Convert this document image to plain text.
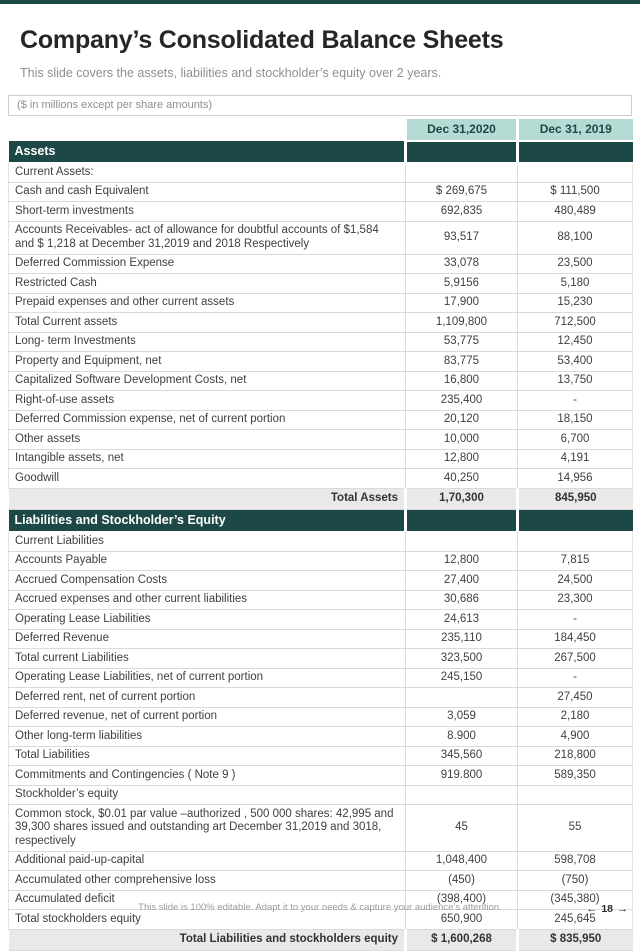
Company’s Consolidated Balance Sheets

This slide covers the assets, liabilities and stockholder’s equity over 2 years.

($ in millions except per share amounts)
	Dec 31,2020	Dec 31, 2019
Assets		
Current Assets:		
Cash and cash Equivalent	$ 269,675	$ 111,500
Short-term investments	692,835	480,489
Accounts Receivables- act of allowance for doubtful accounts of $1,584 and $ 1,218 at December 31,2019 and 2018 Respectively	93,517	88,100
Deferred Commission Expense	33,078	23,500
Restricted Cash	5,9156	5,180
Prepaid expenses and other current assets	17,900	15,230
Total Current assets	1,109,800	712,500
Long- term Investments	53,775	12,450
Property and Equipment, net	83,775	53,400
Capitalized Software Development Costs, net	16,800	13,750
Right-of-use assets	235,400	-
Deferred Commission expense, net of current portion	20,120	18,150
Other assets	10,000	6,700
Intangible assets, net	12,800	4,191
Goodwill	40,250	14,956
Total Assets	1,70,300	845,950
Liabilities and Stockholder’s Equity		
Current Liabilities		
Accounts Payable	12,800	7,815
Accrued Compensation Costs	27,400	24,500
Accrued expenses and other current liabilities	30,686	23,300
Operating Lease Liabilities	24,613	-
Deferred Revenue	235,110	184,450
Total current Liabilities	323,500	267,500
Operating Lease Liabilities, net of current portion	245,150	-
Deferred rent, net of current portion		27,450
Deferred revenue, net of current portion	3,059	2,180
Other long-term liabilities	8.900	4,900
Total Liabilities	345,560	218,800
Commitments and Contingencies ( Note 9 )	919.800	589,350
Stockholder’s equity		
Common stock, $0.01 par value –authorized , 500 000 shares: 42,995 and 39,300 shares issued and outstanding art December 31,2019 and 3018, respectively	45	55
Additional paid-up-capital	1,048,400	598,708
Accumulated other comprehensive loss	(450)	(750)
Accumulated deficit	(398,400)	(345,380)
Total stockholders equity	650,900	245,645
Total Liabilities and stockholders equity	$ 1,600,268	$ 835,950
This slide is 100% editable. Adapt it to your needs & capture your audience’s attention.	← 18 →
